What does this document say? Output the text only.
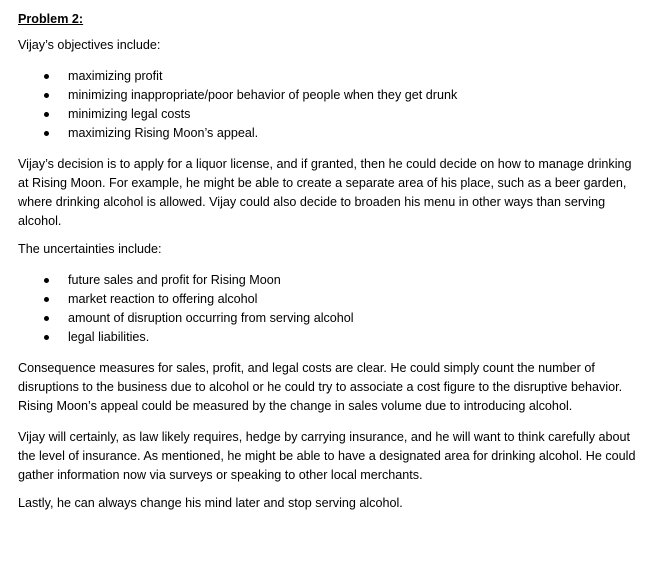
Problem 2:

Vijay’s objectives include:

maximizing profit
minimizing inappropriate/poor behavior of people when they get drunk
minimizing legal costs
maximizing Rising Moon’s appeal.

Vijay’s decision is to apply for a liquor license, and if granted, then he could decide on how to manage drinking at Rising Moon. For example, he might be able to create a separate area of his place, such as a beer garden, where drinking alcohol is allowed. Vijay could also decide to broaden his menu in other ways than serving alcohol.

The uncertainties include:

future sales and profit for Rising Moon
market reaction to offering alcohol
amount of disruption occurring from serving alcohol
legal liabilities.

Consequence measures for sales, profit, and legal costs are clear. He could simply count the number of disruptions to the business due to alcohol or he could try to associate a cost figure to the disruptive behavior. Rising Moon’s appeal could be measured by the change in sales volume due to introducing alcohol.

Vijay will certainly, as law likely requires, hedge by carrying insurance, and he will want to think carefully about the level of insurance. As mentioned, he might be able to have a designated area for drinking alcohol. He could gather information now via surveys or speaking to other local merchants.

Lastly, he can always change his mind later and stop serving alcohol.
